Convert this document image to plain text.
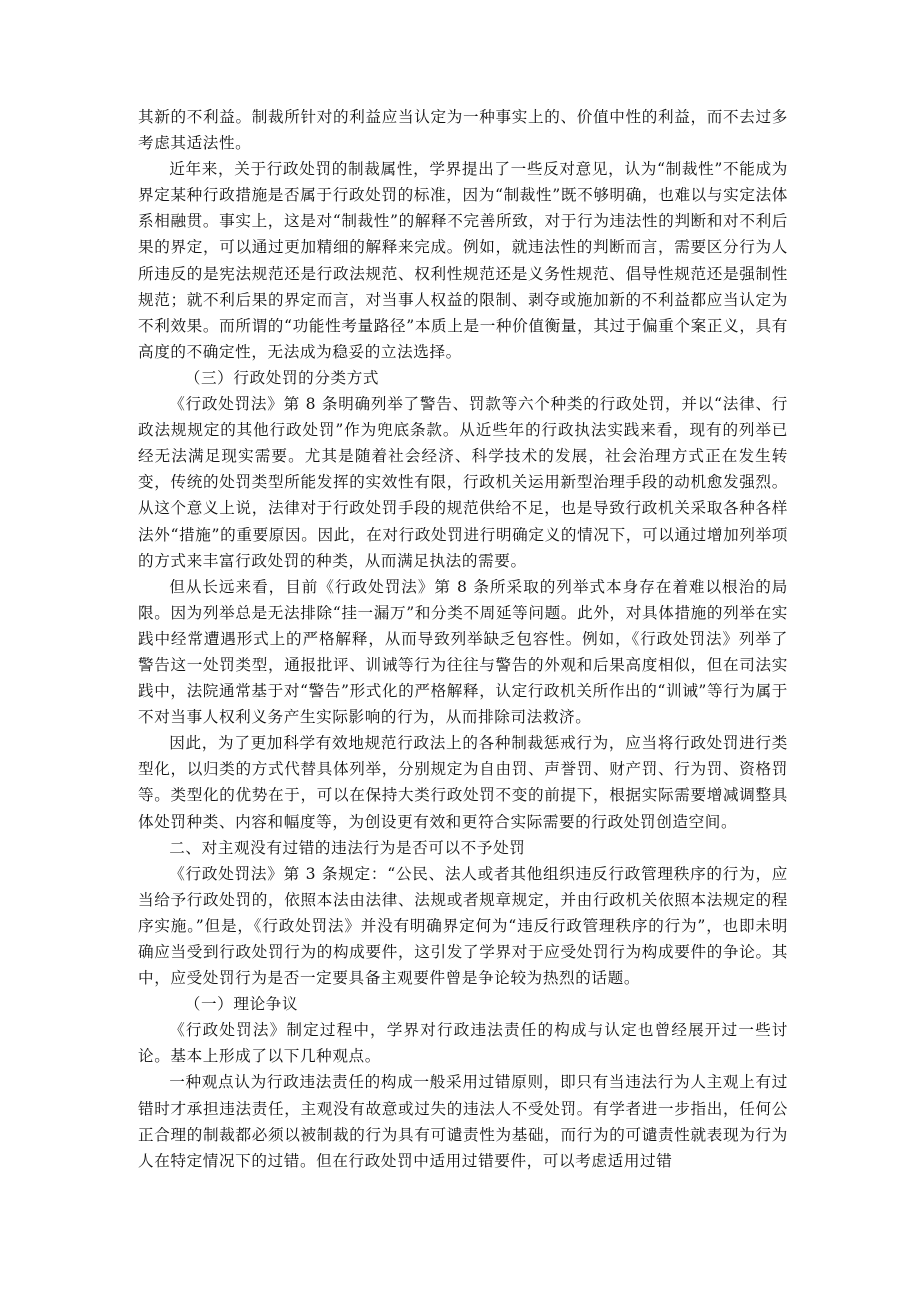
其新的不利益。制裁所针对的利益应当认定为一种事实上的、价值中性的利益，而不去过多考虑其适法性。

近年来，关于行政处罚的制裁属性，学界提出了一些反对意见，认为“制裁性”不能成为界定某种行政措施是否属于行政处罚的标准，因为“制裁性”既不够明确，也难以与实定法体系相融贯。事实上，这是对“制裁性”的解释不完善所致，对于行为违法性的判断和对不利后果的界定，可以通过更加精细的解释来完成。例如，就违法性的判断而言，需要区分行为人所违反的是宪法规范还是行政法规范、权利性规范还是义务性规范、倡导性规范还是强制性规范；就不利后果的界定而言，对当事人权益的限制、剥夺或施加新的不利益都应当认定为不利效果。而所谓的“功能性考量路径”本质上是一种价值衡量，其过于偏重个案正义，具有高度的不确定性，无法成为稳妥的立法选择。

（三）行政处罚的分类方式

《行政处罚法》第 8 条明确列举了警告、罚款等六个种类的行政处罚，并以“法律、行政法规规定的其他行政处罚”作为兜底条款。从近些年的行政执法实践来看，现有的列举已经无法满足现实需要。尤其是随着社会经济、科学技术的发展，社会治理方式正在发生转变，传统的处罚类型所能发挥的实效性有限，行政机关运用新型治理手段的动机愈发强烈。从这个意义上说，法律对于行政处罚手段的规范供给不足，也是导致行政机关采取各种各样法外“措施”的重要原因。因此，在对行政处罚进行明确定义的情况下，可以通过增加列举项的方式来丰富行政处罚的种类，从而满足执法的需要。

但从长远来看，目前《行政处罚法》第 8 条所采取的列举式本身存在着难以根治的局限。因为列举总是无法排除“挂一漏万”和分类不周延等问题。此外，对具体措施的列举在实践中经常遭遇形式上的严格解释，从而导致列举缺乏包容性。例如，《行政处罚法》列举了警告这一处罚类型，通报批评、训诫等行为往往与警告的外观和后果高度相似，但在司法实践中，法院通常基于对“警告”形式化的严格解释，认定行政机关所作出的“训诫”等行为属于不对当事人权利义务产生实际影响的行为，从而排除司法救济。

因此，为了更加科学有效地规范行政法上的各种制裁惩戒行为，应当将行政处罚进行类型化，以归类的方式代替具体列举，分别规定为自由罚、声誉罚、财产罚、行为罚、资格罚等。类型化的优势在于，可以在保持大类行政处罚不变的前提下，根据实际需要增减调整具体处罚种类、内容和幅度等，为创设更有效和更符合实际需要的行政处罚创造空间。

二、对主观没有过错的违法行为是否可以不予处罚

《行政处罚法》第 3 条规定：“公民、法人或者其他组织违反行政管理秩序的行为，应当给予行政处罚的，依照本法由法律、法规或者规章规定，并由行政机关依照本法规定的程序实施。”但是，《行政处罚法》并没有明确界定何为“违反行政管理秩序的行为”，也即未明确应当受到行政处罚行为的构成要件，这引发了学界对于应受处罚行为构成要件的争论。其中，应受处罚行为是否一定要具备主观要件曾是争论较为热烈的话题。

（一）理论争议

《行政处罚法》制定过程中，学界对行政违法责任的构成与认定也曾经展开过一些讨论。基本上形成了以下几种观点。

一种观点认为行政违法责任的构成一般采用过错原则，即只有当违法行为人主观上有过错时才承担违法责任，主观没有故意或过失的违法人不受处罚。有学者进一步指出，任何公正合理的制裁都必须以被制裁的行为具有可谴责性为基础，而行为的可谴责性就表现为行为人在特定情况下的过错。但在行政处罚中适用过错要件，可以考虑适用过错
